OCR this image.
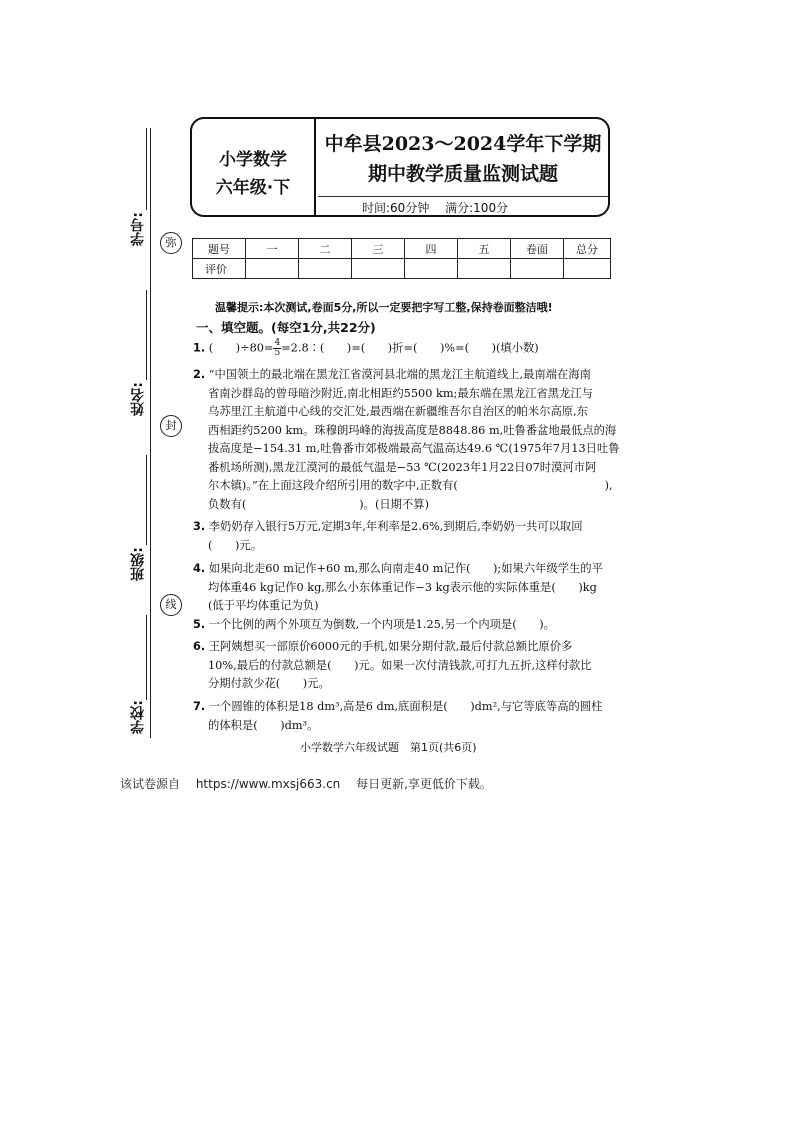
弥
封
线
学号:
姓名:
班级:
学校:
小学数学
六年级·下
中牟县2023～2024学年下学期
期中教学质量监测试题
时间:60分钟　 满分:100分
题号	一	二	三	四	五	卷面	总分
评价							
温馨提示:本次测试,卷面5分,所以一定要把字写工整,保持卷面整洁哦!
一、填空题。(每空1分,共22分)
1. (　　)$\div 80= \frac{4}{5}$ =2.8∶(　　)=(　　)折=(　　)%=(　　)(填小数)
2. “中国领土的最北端在黑龙江省漠河县北端的黑龙江主航道线上,最南端在海南
省南沙群岛的曾母暗沙附近,南北相距约5500 km;最东端在黑龙江省黑龙江与
乌苏里江主航道中心线的交汇处,最西端在新疆维吾尔自治区的帕米尔高原,东
西相距约5200 km。珠穆朗玛峰的海拔高度是8848.86 m,吐鲁番盆地最低点的海
拔高度是−154.31 m,吐鲁番市郊极端最高气温高达49.6 ℃(1975年7月13日吐鲁
番机场所测),黑龙江漠河的最低气温是−53 ℃(2023年1月22日07时漠河市阿
尔木镇)。”在上面这段介绍所引用的数字中,正数有(　　　　　　　　　　　　　),
负数有(　　　　　　　　　　)。(日期不算)
3. 李奶奶存入银行5万元,定期3年,年利率是2.6%,到期后,李奶奶一共可以取回
(　　)元。
4. 如果向北走60 m记作+60 m,那么向南走40 m记作(　　);如果六年级学生的平
均体重46 kg记作0 kg,那么小东体重记作−3 kg表示他的实际体重是(　　)kg
(低于平均体重记为负)
5. 一个比例的两个外项互为倒数,一个内项是1.25,另一个内项是(　　)。
6. 王阿姨想买一部原价6000元的手机,如果分期付款,最后付款总额比原价多
10%,最后的付款总额是(　　)元。如果一次付清钱款,可打九五折,这样付款比
分期付款少花(　　)元。
7. 一个圆锥的体积是18 dm³,高是6 dm,底面积是(　　)dm²,与它等底等高的圆柱
的体积是(　　)dm³。
小学数学六年级试题　第1页(共6页)
该试卷源自　 https://www.mxsj663.cn　 每日更新,享更低价下载。
